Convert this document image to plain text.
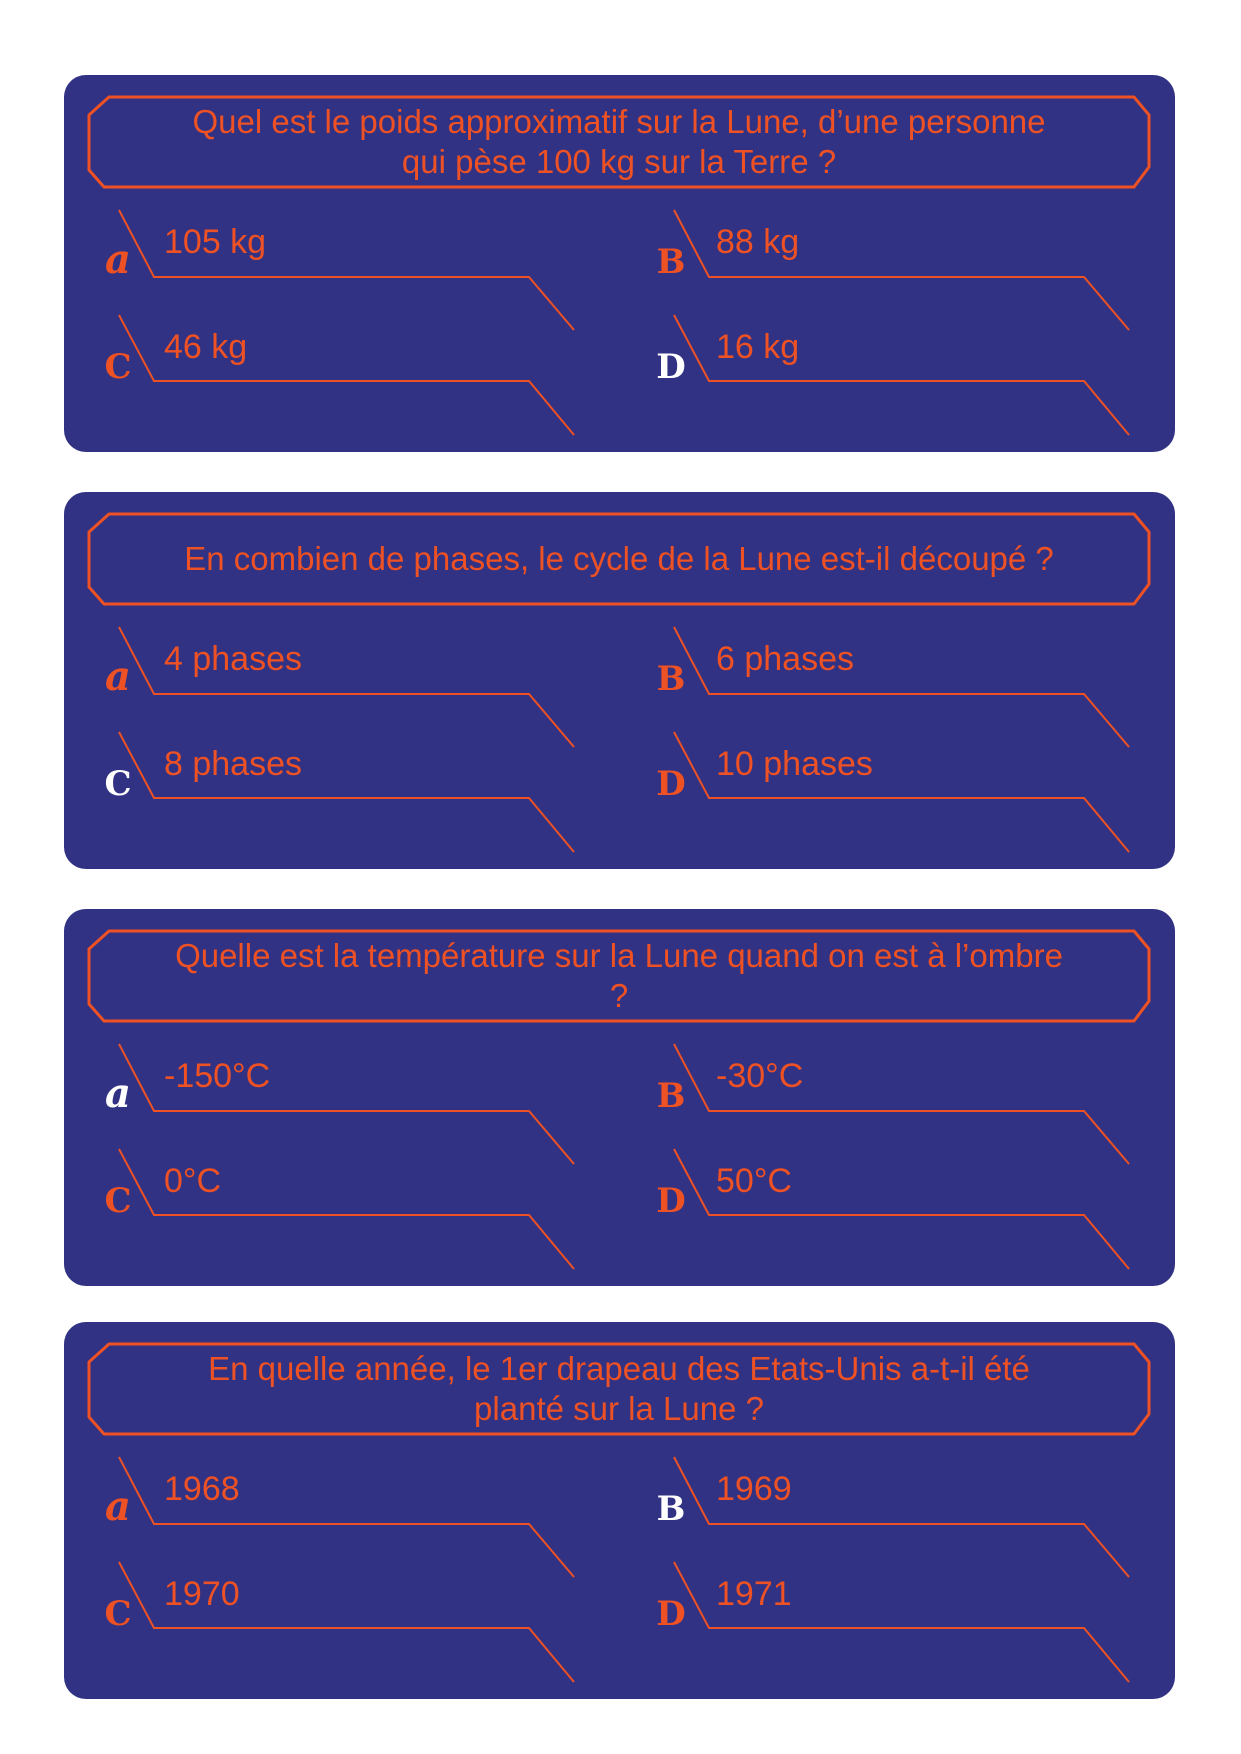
Quel est le poids approximatif sur la Lune, d’une personne qui pèse 100 kg sur la Terre ?
a 105 kg	B 88 kg
C 46 kg	D 16 kg
En combien de phases, le cycle de la Lune est-il découpé ?
a 4 phases	B 6 phases
C 8 phases	D 10 phases
Quelle est la température sur la Lune quand on est à l’ombre ?
a -150°C	B -30°C
C 0°C	D 50°C
En quelle année, le 1er drapeau des Etats-Unis a-t-il été planté sur la Lune ?
a 1968	B 1969
C 1970	D 1971
